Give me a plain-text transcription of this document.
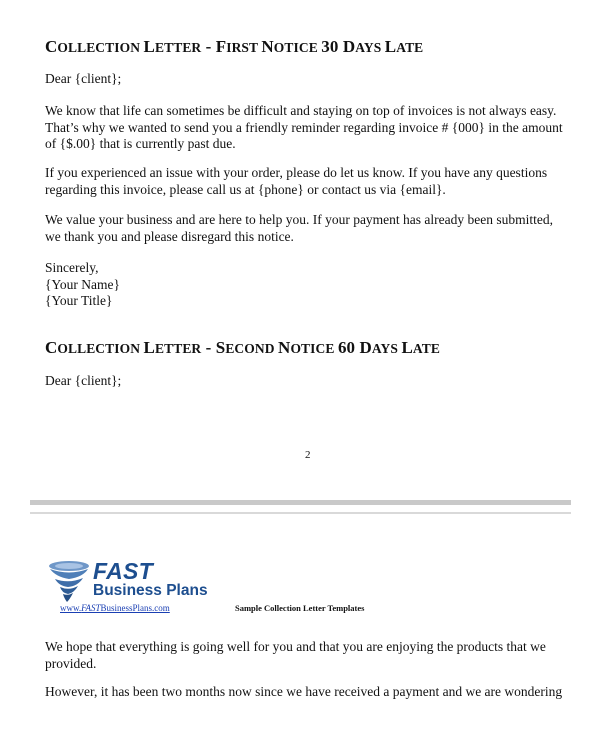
COLLECTION LETTER - FIRST NOTICE 30 DAYS LATE
Dear {client};
We know that life can sometimes be difficult and staying on top of invoices is not always easy.
That’s why we wanted to send you a friendly reminder regarding invoice # {000} in the amount
of {$.00} that is currently past due.
If you experienced an issue with your order, please do let us know. If you have any questions
regarding this invoice, please call us at {phone} or contact us via {email}.
We value your business and are here to help you. If your payment has already been submitted,
we thank you and please disregard this notice.
Sincerely,
{Your Name}
{Your Title}
COLLECTION LETTER - SECOND NOTICE 60 DAYS LATE
Dear {client};
2
FAST
Business Plans
www.FASTBusinessPlans.com	Sample Collection Letter Templates
We hope that everything is going well for you and that you are enjoying the products that we
provided.
However, it has been two months now since we have received a payment and we are wondering
